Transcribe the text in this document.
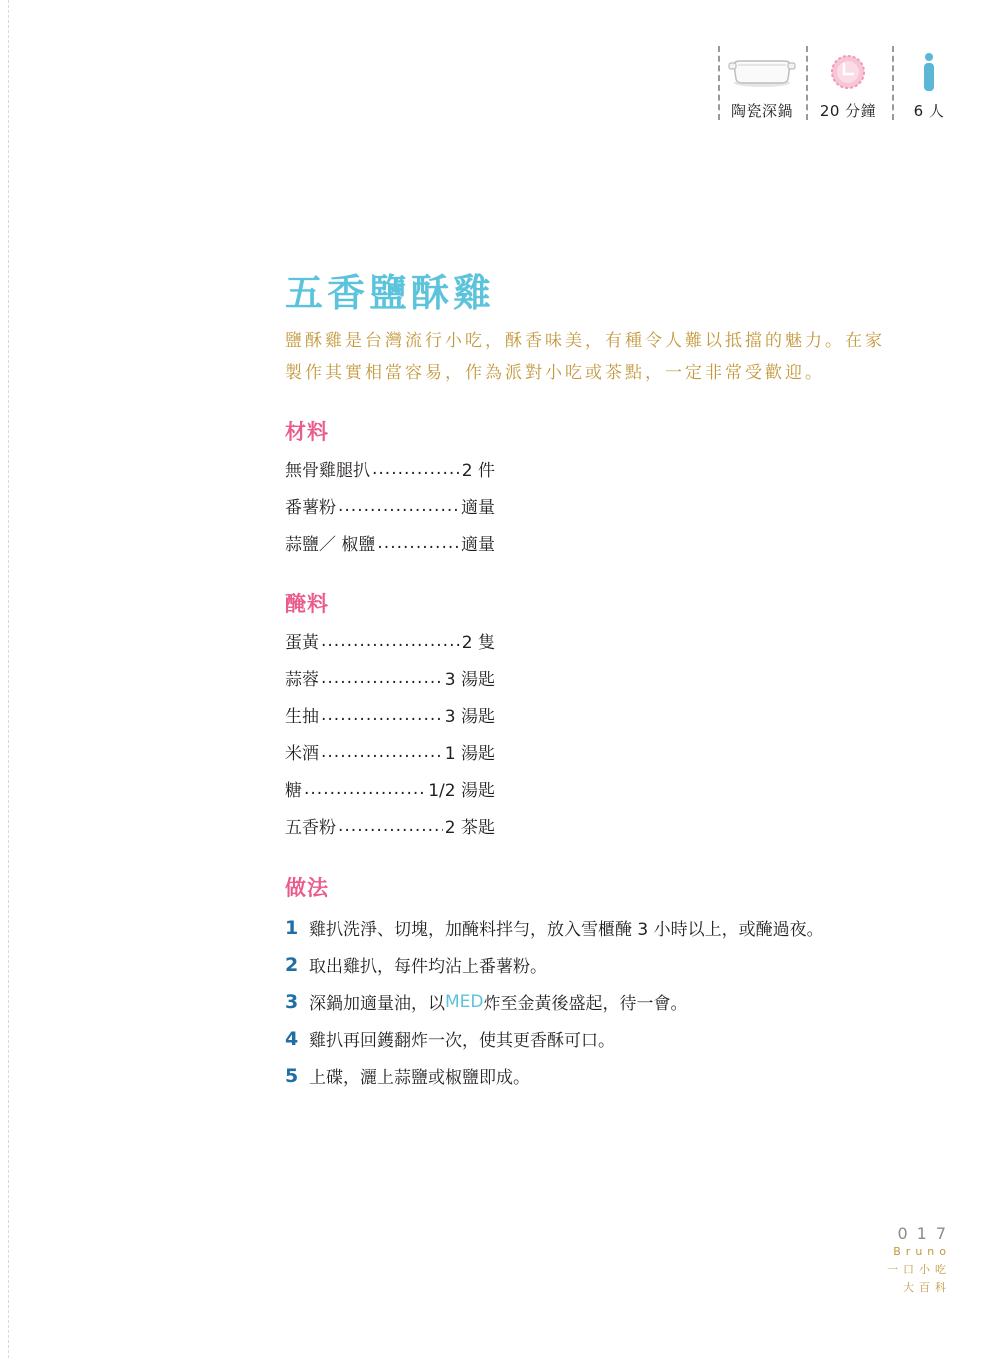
陶瓷深鍋	20 分鐘	6 人
五香鹽酥雞

鹽酥雞是台灣流行小吃，酥香味美，有種令人難以抵擋的魅力。在家製作其實相當容易，作為派對小吃或茶點，一定非常受歡迎。

材料
無骨雞腿扒 .....	2 件
番薯粉 .....	適量
蒜鹽／ 椒鹽 .....	適量
醃料
蛋黃 .....	2 隻
蒜蓉 .....	3 湯匙
生抽 .....	3 湯匙
米酒 .....	1 湯匙
糖 .....	1/2 湯匙
五香粉 .....	2 茶匙
做法
1 雞扒洗淨、切塊，加醃料拌勻，放入雪櫃醃 3 小時以上，或醃過夜。
2 取出雞扒，每件均沾上番薯粉。
3 深鍋加適量油，以 MED 炸至金黃後盛起，待一會。
4 雞扒再回鑊翻炸一次，使其更香酥可口。
5 上碟，灑上蒜鹽或椒鹽即成。
017
Bruno
一口小吃
大百科
